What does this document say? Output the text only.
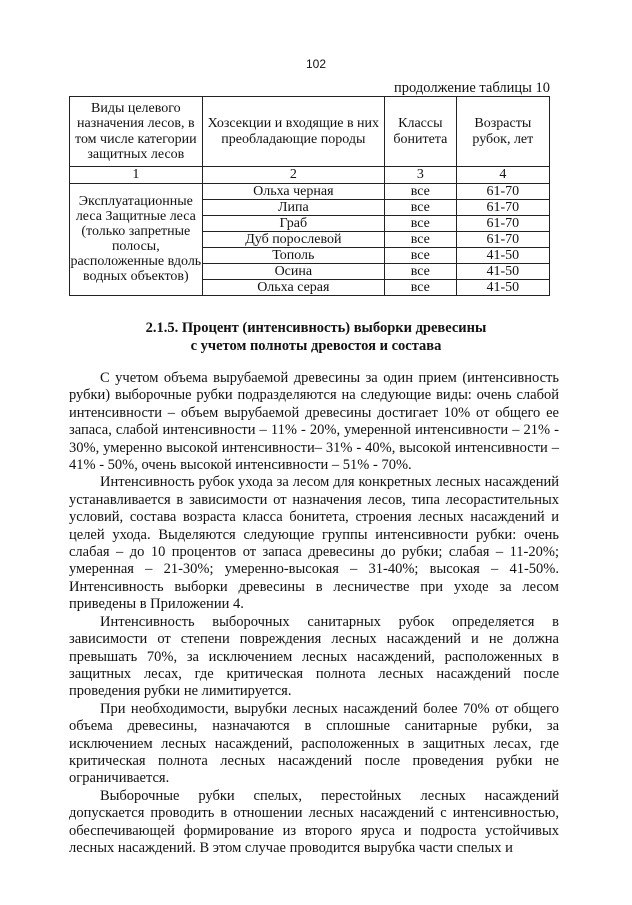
102
продолжение таблицы 10
Виды целевого назначения лесов, в том числе категории защитных лесов	Хозсекции и входящие в них преобладающие породы	Классы бонитета	Возрасты рубок, лет
1	2	3	4
Эксплуатационные леса Защитные леса (только запретные полосы, расположенные вдоль водных объектов)	Ольха черная	все	61-70
	Липа	все	61-70
	Граб	все	61-70
	Дуб порослевой	все	61-70
	Тополь	все	41-50
	Осина	все	41-50
	Ольха серая	все	41-50
2.1.5. Процент (интенсивность) выборки древесины
с учетом полноты древостоя и состава

С учетом объема вырубаемой древесины за один прием (интенсивность рубки) выборочные рубки подразделяются на следующие виды: очень слабой интенсивности – объем вырубаемой древесины достигает 10% от общего ее запаса, слабой интенсивности – 11% - 20%, умеренной интенсивности – 21% - 30%, умеренно высокой интенсивности– 31% - 40%, высокой интенсивности – 41% - 50%, очень высокой интенсивности – 51% - 70%.

Интенсивность рубок ухода за лесом для конкретных лесных насаждений устанавливается в зависимости от назначения лесов, типа лесорастительных условий, состава возраста класса бонитета, строения лесных насаждений и целей ухода. Выделяются следующие группы интенсивности рубки: очень слабая – до 10 процентов от запаса древесины до рубки; слабая – 11-20%; умеренная – 21-30%; умеренно-высокая – 31-40%; высокая – 41-50%. Интенсивность выборки древесины в лесничестве при уходе за лесом приведены в Приложении 4.

Интенсивность выборочных санитарных рубок определяется в зависимости от степени повреждения лесных насаждений и не должна превышать 70%, за исключением лесных насаждений, расположенных в защитных лесах, где критическая полнота лесных насаждений после проведения рубки не лимитируется.

При необходимости, вырубки лесных насаждений более 70% от общего объема древесины, назначаются в сплошные санитарные рубки, за исключением лесных насаждений, расположенных в защитных лесах, где критическая полнота лесных насаждений после проведения рубки не ограничивается.

Выборочные рубки спелых, перестойных лесных насаждений допускается проводить в отношении лесных насаждений с интенсивностью, обеспечивающей формирование из второго яруса и подроста устойчивых лесных насаждений. В этом случае проводится вырубка части спелых и
